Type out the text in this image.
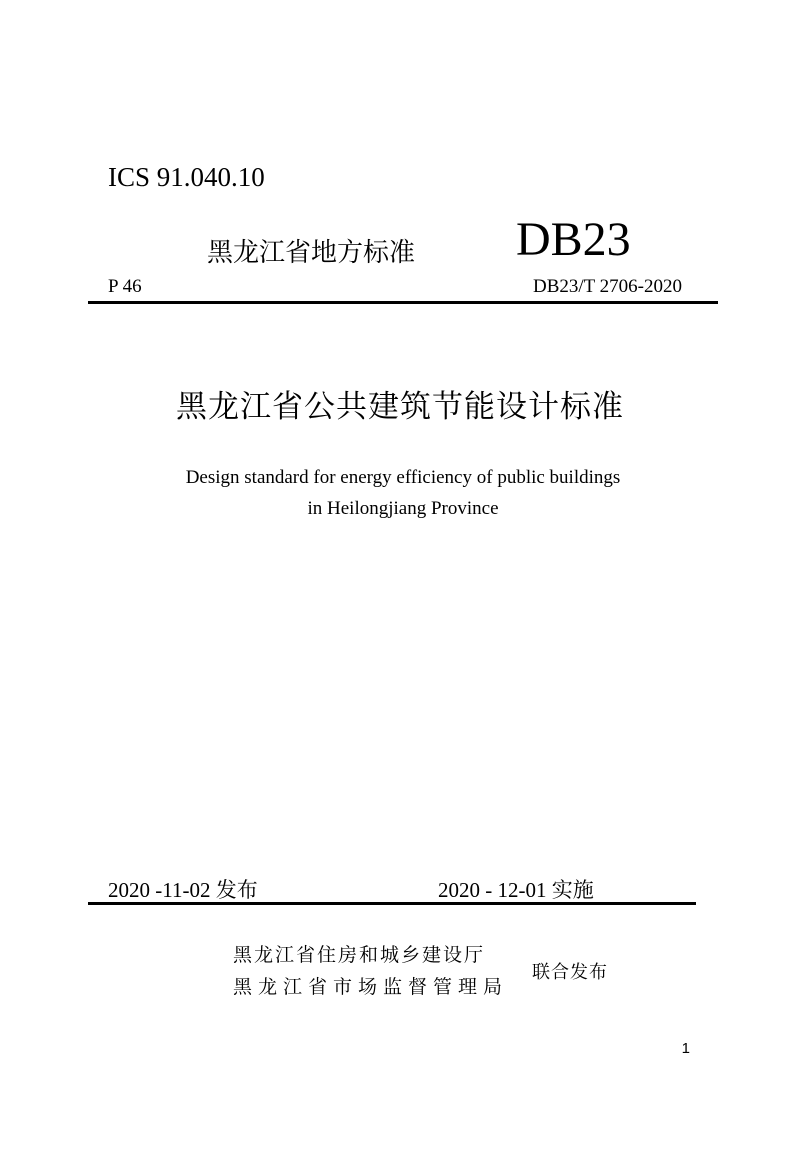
ICS 91.040.10
黑龙江省地方标准 DB23
P 46	DB23/T 2706-2020
黑龙江省公共建筑节能设计标准
Design standard for energy efficiency of public buildings
in Heilongjiang Province
2020 -11-02 发布	2020 - 12-01 实施
黑龙江省住房和城乡建设厅
黑龙江省市场监督管理局
联合发布
1
